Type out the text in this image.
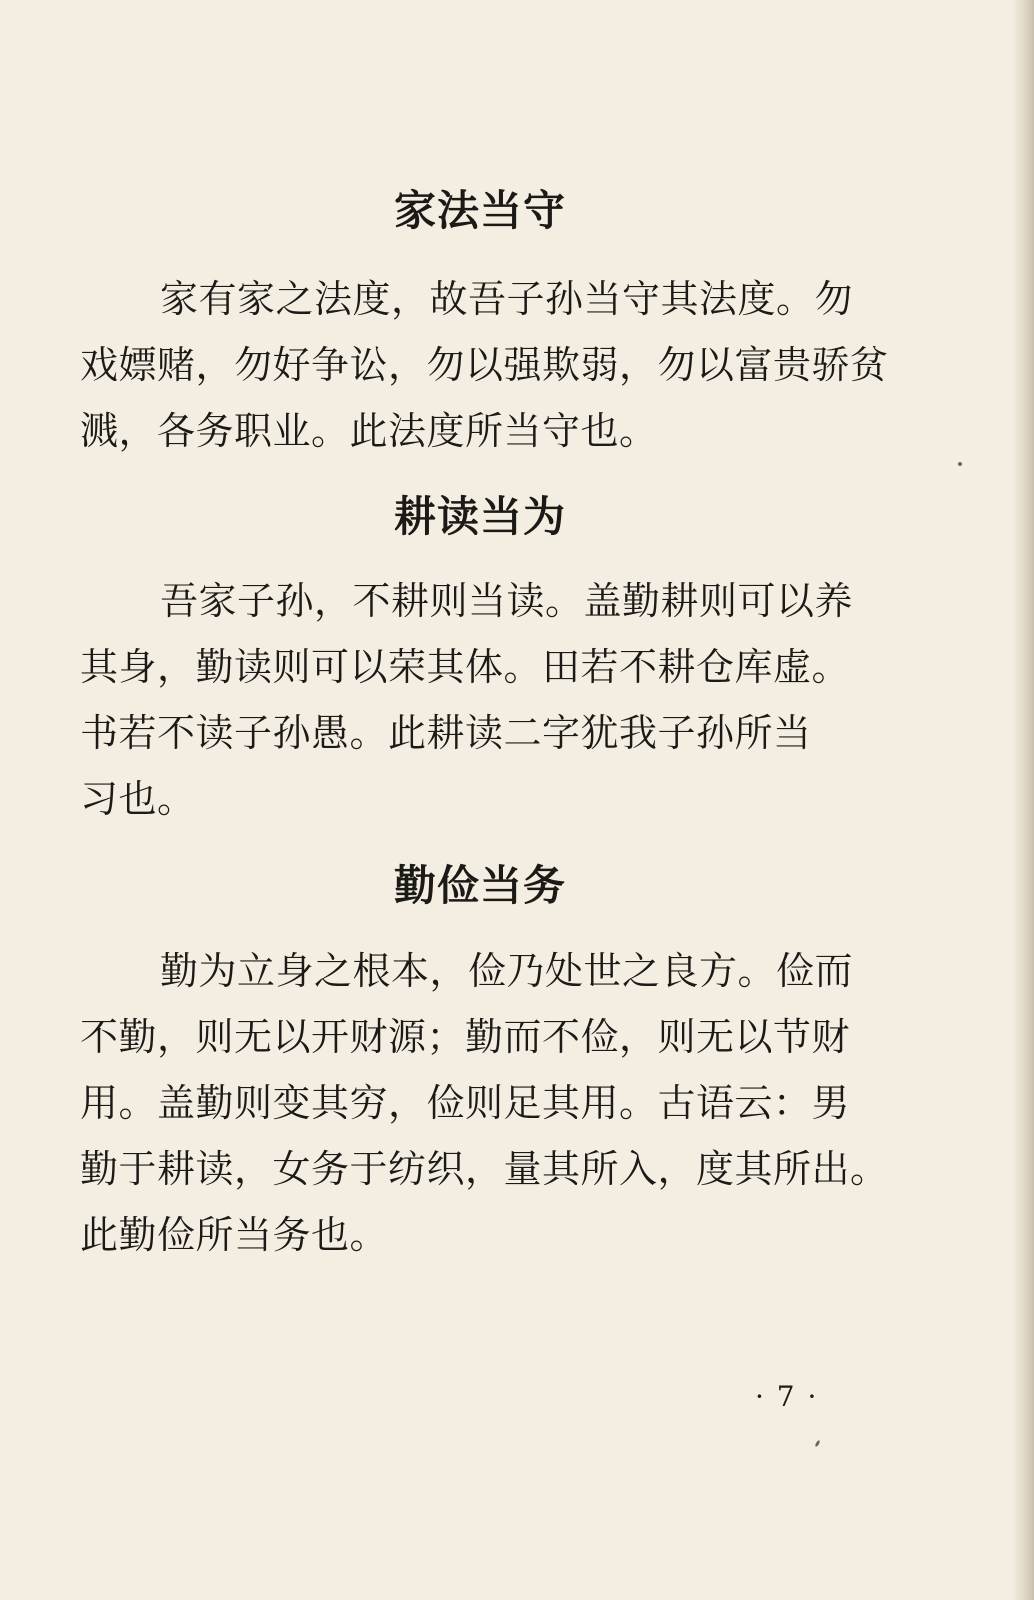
家法当守
家有家之法度，故吾子孙当守其法度。勿
戏嫖赌，勿好争讼，勿以强欺弱，勿以富贵骄贫
溅，各务职业。此法度所当守也。
耕读当为
吾家子孙，不耕则当读。盖勤耕则可以养
其身，勤读则可以荣其体。田若不耕仓库虚。
书若不读子孙愚。此耕读二字犹我子孙所当
习也。
勤俭当务
勤为立身之根本，俭乃处世之良方。俭而
不勤，则无以开财源；勤而不俭，则无以节财
用。盖勤则变其穷，俭则足其用。古语云：男
勤于耕读，女务于纺织，量其所入，度其所出。
此勤俭所当务也。
· 7 ·
